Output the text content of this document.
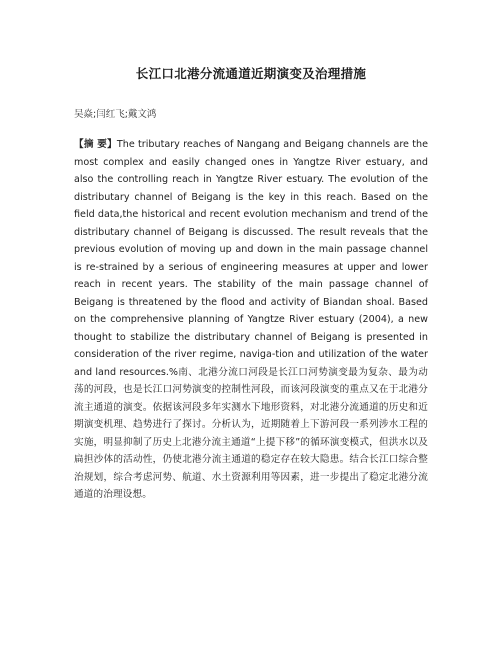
长江口北港分流通道近期演变及治理措施
吴焱;闫红飞;戴文鸿

【摘 要】The tributary reaches of Nangang and Beigang channels are the most complex and easily changed ones in Yangtze River estuary, and also the controlling reach in Yangtze River estuary. The evolution of the distributary channel of Beigang is the key in this reach. Based on the field data,the historical and recent evolution mechanism and trend of the distributary channel of Beigang is discussed. The result reveals that the previous evolution of moving up and down in the main passage channel is re-strained by a serious of engineering measures at upper and lower reach in recent years. The stability of the main passage channel of Beigang is threatened by the flood and activity of Biandan shoal. Based on the comprehensive planning of Yangtze River estuary (2004), a new thought to stabilize the distributary channel of Beigang is presented in consideration of the river regime, naviga-tion and utilization of the water and land resources.%南、北港分流口河段是长江口河势演变最为复杂、最为动荡的河段，也是长江口河势演变的控制性河段，而该河段演变的重点又在于北港分流主通道的演变。依据该河段多年实测水下地形资料，对北港分流通道的历史和近期演变机理、趋势进行了探讨。分析认为，近期随着上下游河段一系列涉水工程的实施，明显抑制了历史上北港分流主通道“上提下移”的循环演变模式，但洪水以及扁担沙体的活动性，仍使北港分流主通道的稳定存在较大隐患。结合长江口综合整治规划，综合考虑河势、航道、水土资源利用等因素，进一步提出了稳定北港分流通道的治理设想。
